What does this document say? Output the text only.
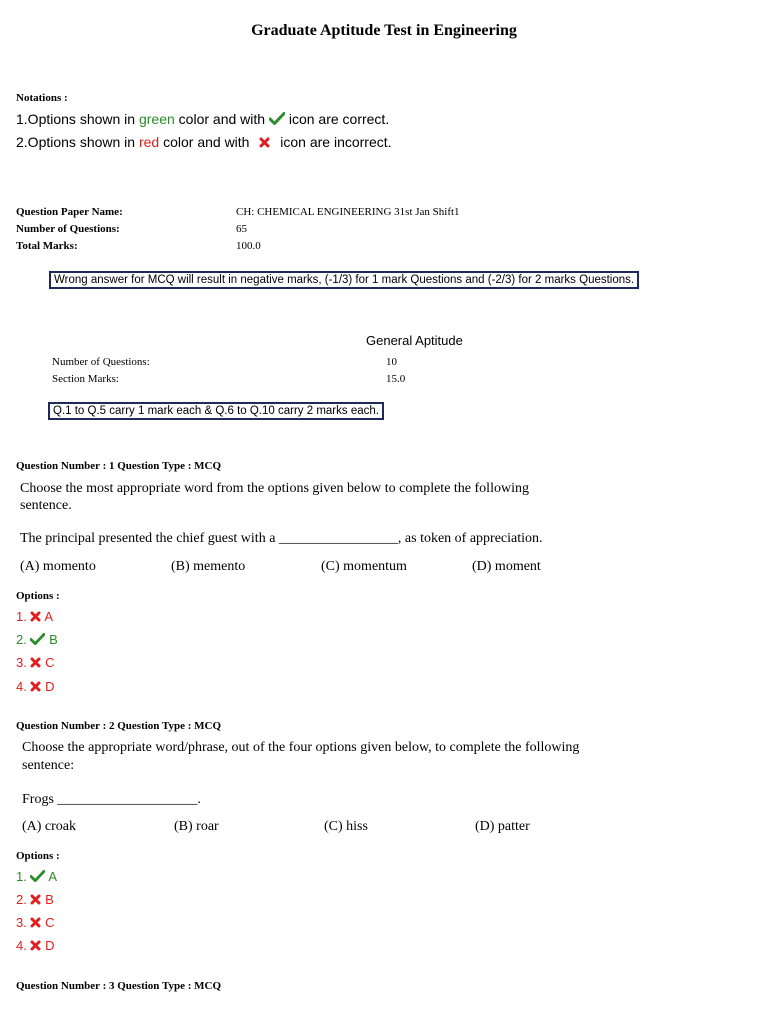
Graduate Aptitude Test in Engineering
Notations :
1.Options shown in green color and with  icon are correct.
2.Options shown in red color and with  icon are incorrect.
Question Paper Name:	CH: CHEMICAL ENGINEERING 31st Jan Shift1
Number of Questions:	65
Total Marks:	100.0
Wrong answer for MCQ will result in negative marks, (-1/3) for 1 mark Questions and (-2/3) for 2 marks Questions.
General Aptitude
Number of Questions:	10
Section Marks:	15.0
Q.1 to Q.5 carry 1 mark each & Q.6 to Q.10 carry 2 marks each.
Question Number : 1 Question Type : MCQ
Choose the most appropriate word from the options given below to complete the following
sentence.
The principal presented the chief guest with a _________________, as token of appreciation.
(A) momento	(B) memento	(C) momentum	(D) moment
Options :
1. A
2. B
3. C
4. D
Question Number : 2 Question Type : MCQ
Choose the appropriate word/phrase, out of the four options given below, to complete the following
sentence:
Frogs ____________________.
(A) croak	(B) roar	(C) hiss	(D) patter
Options :
1. A
2. B
3. C
4. D
Question Number : 3 Question Type : MCQ
